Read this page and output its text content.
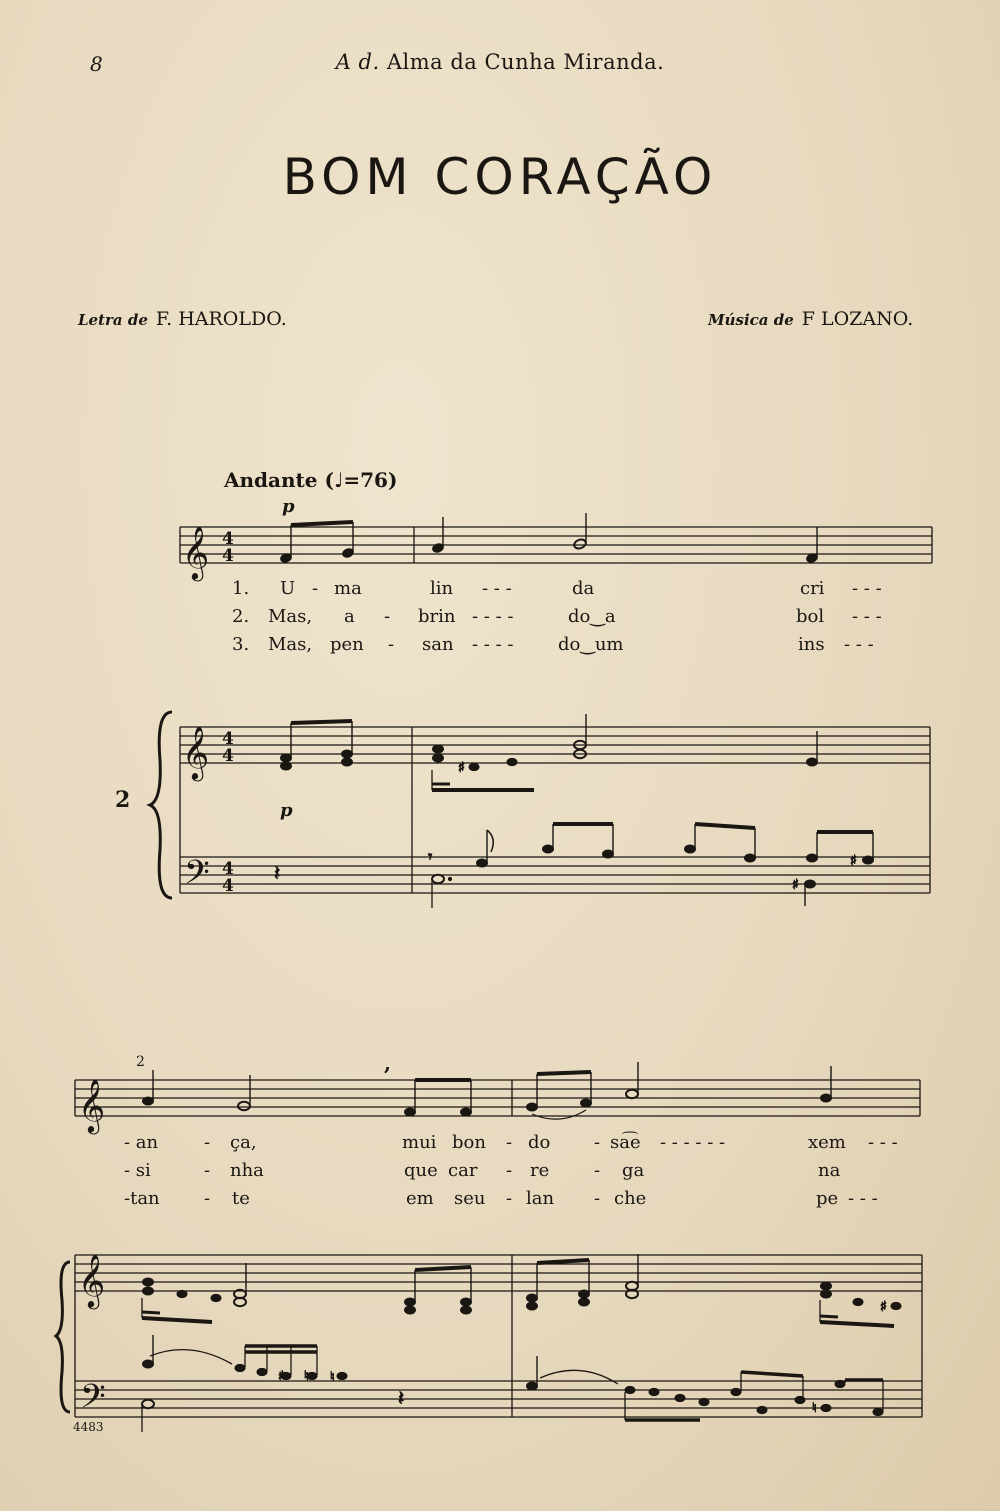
8	A d. Alma da Cunha Miranda.
BOM CORAÇÃO
Letra de F. HAROLDO.	Música de F LOZANO.
Andante (♩=76)
2
4483
1. U - ma	lin - - -	da	cri - - -
2. Mas, a - brin - - - -	do‿a	bol - - -
3. Mas, pen - san - - - - do‿um	ins - - -
- an	- ça,	mui bon - do - sa͡e - - - - - -	xem - - -
- si	- nha	que car - re - ga	na
-tan - te	em seu - lan - che	pe - - -
𝄞 4
4
p
𝄞
𝄢
4
4
4
4
p
♯
𝄽
𝄾
♯
♯
𝄞
2	,
𝄞
𝄢
♯
♯ ♮ ♮
𝄽	♮
